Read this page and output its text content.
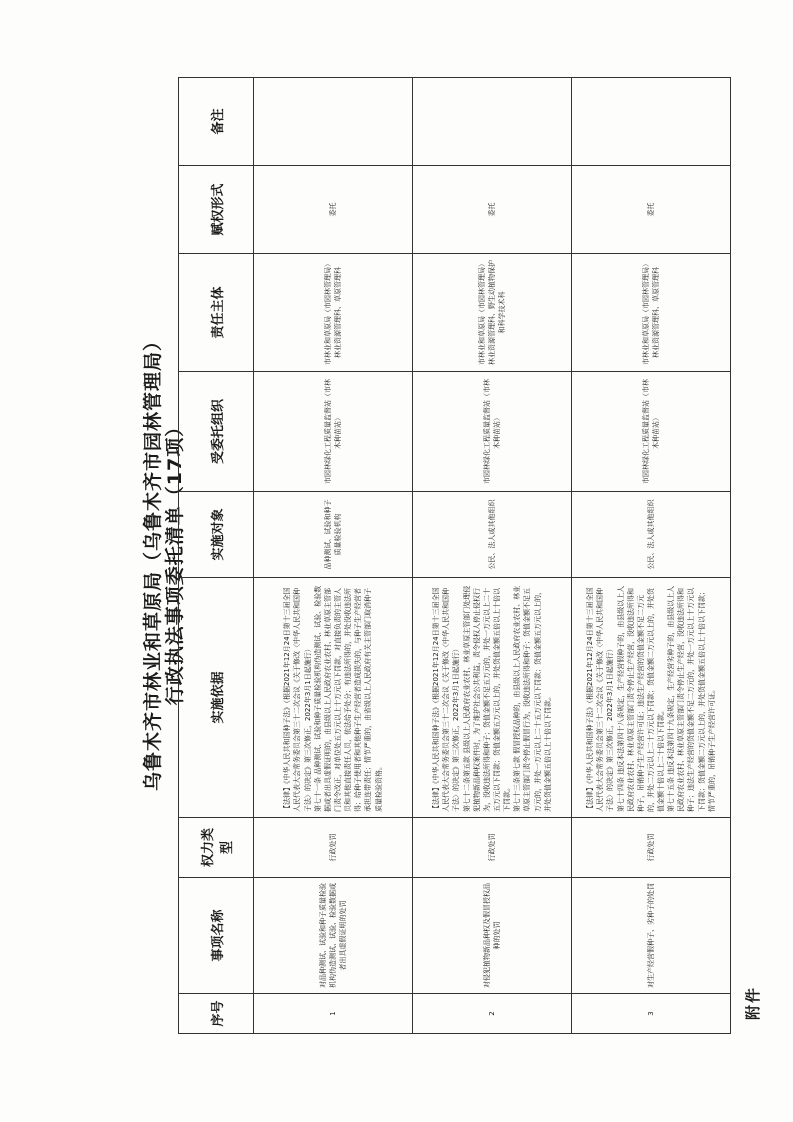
附件
乌鲁木齐市林业和草原局（乌鲁木齐市园林管理局） 行政执法事项委托清单（17项）
序号	事项名称	权力类型	实施依据	实施对象	受委托组织	责任主体	赋权形式	备注
1	对品种测试、试验和种子质量检验机构伪造测试、试验、检验数据或者出具虚假证明的处罚	行政处罚	【法律】《中华人民共和国种子法》（根据2021年12月24日第十三届全国人民代表大会常务委员会第三十二次会议《关于修改〈中华人民共和国种子法〉的决定》第三次修正，2022年3月1日起施行） 第七十一条 品种测试、试验和种子质量检验机构伪造测试、试验、检验数据或者出具虚假证明的，由县级以上人民政府农业农村、林业草原主管部门责令改正，对单位处五万元以上十万元以下罚款，对直接负责的主管人员和其他直接责任人员，依法给予处分；有违法所得的，并处没收违法所得；给种子使用者和其他种子生产经营者造成损失的，与种子生产经营者承担连带责任；情节严重的，由省级以上人民政府有关主管部门取消种子质量检验资格。	品种测试、试验和种子质量检验机构	市园林绿化工程质量监督站（市林木种苗站）	市林业和草原局（市园林管理局）林业资源管理科、草原管理科	委托	
2	对侵犯植物新品种权及假冒授权品种的处罚	行政处罚	【法律】《中华人民共和国种子法》（根据2021年12月24日第十三届全国人民代表大会常务委员会第三十二次会议《关于修改〈中华人民共和国种子法〉的决定》第三次修正，2022年3月1日起施行） 第七十二条第五款 县级以上人民政府农业农村、林业草原主管部门处理侵犯植物新品种权案件时，为了维护社会公共利益，责令侵权人停止侵权行为，没收违法所得和种子；货值金额不足五万元的，并处一万元以上二十五万元以下罚款；货值金额五万元以上的，并处货值金额五倍以上十倍以下罚款。 第七十三条第七款 假冒授权品种的，由县级以上人民政府农业农村、林业草原主管部门责令停止假冒行为，没收违法所得和种子；货值金额不足五万元的，并处一万元以上二十五万元以下罚款；货值金额五万元以上的，并处货值金额五倍以上十倍以下罚款。	公民、法人或其他组织	市园林绿化工程质量监督站（市林木种苗站）	市林业和草原局（市园林管理局）林业资源管理科、野生动植物保护和科学技术科	委托	
3	对生产经营假种子、劣种子的处罚	行政处罚	【法律】《中华人民共和国种子法》（根据2021年12月24日第十三届全国人民代表大会常务委员会第三十二次会议《关于修改〈中华人民共和国种子法〉的决定》第三次修正，2022年3月1日起施行） 第七十四条 违反本法第四十八条规定，生产经营假种子的，由县级以上人民政府农业农村、林业草原主管部门责令停止生产经营，没收违法所得和种子，吊销种子生产经营许可证；违法生产经营的货值金额不足二万元的，并处二万元以上二十万元以下罚款；货值金额二万元以上的，并处货值金额十倍以上二十倍以下罚款。 第七十五条 违反本法第四十九条规定，生产经营劣种子的，由县级以上人民政府农业农村、林业草原主管部门责令停止生产经营，没收违法所得和种子；违法生产经营的货值金额不足二万元的，并处一万元以上十万元以下罚款；货值金额二万元以上的，并处货值金额五倍以上十倍以下罚款；情节严重的，吊销种子生产经营许可证。	公民、法人或其他组织	市园林绿化工程质量监督站（市林木种苗站）	市林业和草原局（市园林管理局）林业资源管理科、草原管理科	委托	
